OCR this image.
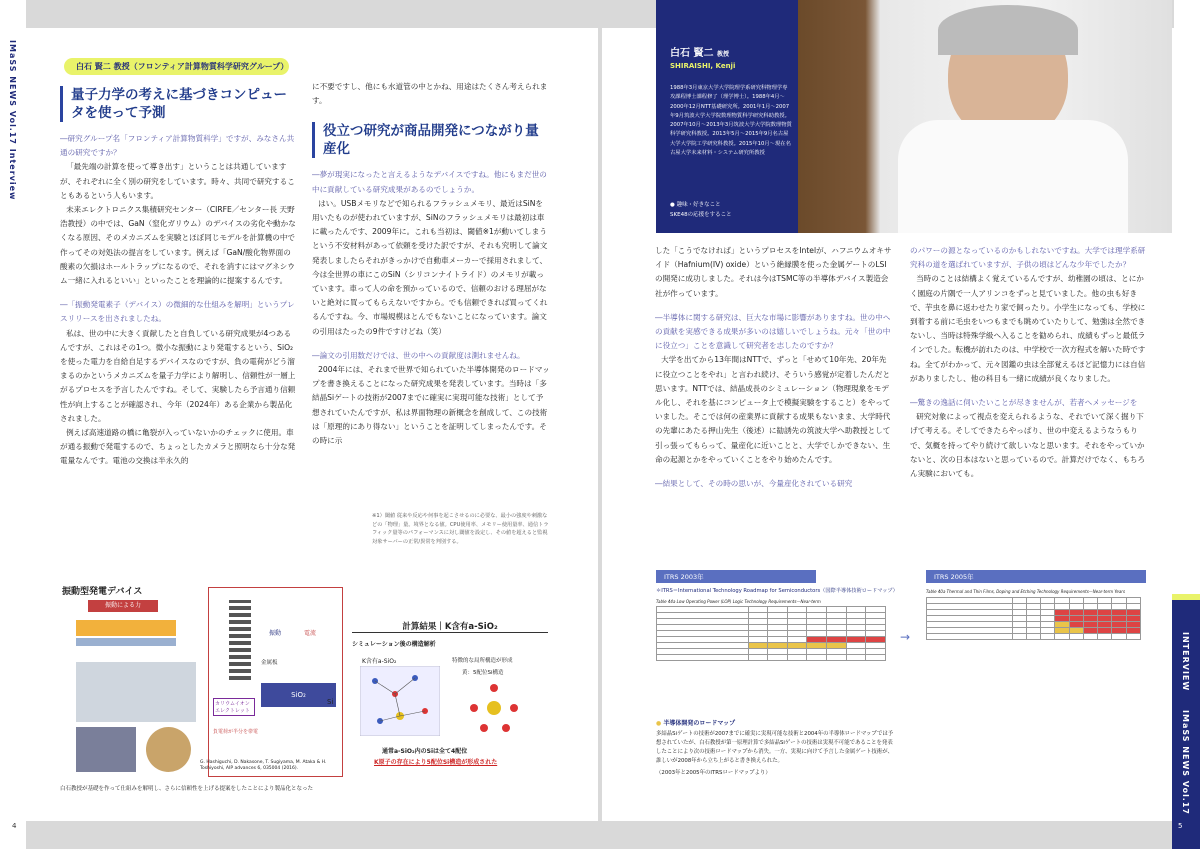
IMaSS NEWS Vol.17 Interview	白石 賢二 教授（フロンティア計算物質科学研究グループ）
量子力学の考えに基づきコンピュータを使って予測

―研究グループ名「フロンティア計算物質科学」ですが、みなさん共通の研究ですか？

「最先端の計算を使って導き出す」ということは共通していますが、それぞれに全く別の研究をしています。時々、共同で研究することもあるという人もいます。

未来エレクトロニクス集積研究センター（CIRFE／センター長 天野 浩教授）の中では、GaN（窒化ガリウム）のデバイスの劣化や動かなくなる原因、そのメカニズムを実験とほぼ同じモデルを計算機の中で作ってその対処法の提言をしています。例えば「GaN/酸化物界面の酸素の欠損はホールトラップになるので、それを消すにはマグネシウム一緒に入れるといい」といったことを理論的に提案するんです。

―「振動発電素子（デバイス）の微細的な仕組みを解明」というプレスリリースを出されましたね。

私は、世の中に大きく貢献したと自負している研究成果が4つあるんですが、これはその1つ。微小な振動により発電するという、SiO₂を使った電力を自給自足するデバイスなのですが、負の電荷がどう溜まるのかというメカニズムを量子力学により解明し、信頼性が一層上がるプロセスを予言したんですね。そして、実験したら予言通り信頼性が向上することが確認され、今年（2024年）ある企業から製品化されました。

例えば高速道路の橋に亀裂が入っていないかのチェックに使用。車が通る振動で発電するので、ちょっとしたカメラと照明なら十分な発電量なんです。電池の交換は半永久的

に不要ですし、他にも水道管の中とかね、用途はたくさん考えられます。

役立つ研究が商品開発につながり量産化

―夢が現実になったと言えるようなデバイスですね。他にもまだ世の中に貢献している研究成果があるのでしょうか。

はい。USBメモリなどで知られるフラッシュメモリ、最近はSiNを用いたものが使われていますが、SiNのフラッシュメモリは最初は車に載ったんです、2009年に。これも当初は、閾値※1が動いてしまうという不安材料があって依頼を受けた訳ですが、それも究明して論文発表しましたらそれがきっかけで自動車メーカーで採用されまして、今は全世界の車にこのSiN（シリコンナイトライド）のメモリが載っています。車って人の命を預かっているので、信頼のおける理屈がないと絶対に買ってもらえないですから。でも信頼できれば買ってくれるんですね。今、市場規模はとんでもないことになっています。論文の引用はたったの9件ですけどね（笑）

―論文の引用数だけでは、世の中への貢献度は測れませんね。

2004年には、それまで世界で知られていた半導体開発のロードマップを書き換えることになった研究成果を発表しています。当時は「多結晶Siゲートの技術が2007までに確実に実現可能な技術」として予想されていたんですが、私は界面物理の新概念を創成して、この技術は「原理的にあり得ない」ということを証明してしまったんです。その時に示

※1）閾値 従来や反応や何事を起こさせるのに必要な、最小の強度や刺激などの「物理」量。境界となる値。CPU使用率、メモリー使用量率、通信トラフィック量等のパフォーマンスに対し閾値を設定し、その値を超えると監視対象サーバーの正常/異常を判別する。
振動型発電デバイス
振動による力
振動	電流
金属板
SiO₂
Si
カリウムイオンエレクトレット
負電荷が半分を帯電
計算結果｜K含有a-SiO₂
シミュレーション後の構造解析
K含有a-SiO₂	特徴的な局所構造が形成
黄：5配位Si構造
通常a-SiO₂内のSiは全て4配位
K原子の存在により5配位Si構造が形成された
G. Hashiguchi, D. Nakasone, T. Sugiyama, M. Ataka & H. Toshiyoshi, AIP advances 6, 035004 (2016).
白石教授が基礎を作って仕組みを解明し、さらに信頼性を上げる提案をしたことにより製品化となった
4
白石 賢二 教授
SHIRAISHI, Kenji
1988年3月東京大学大学院理学系研究科物理学専攻課程博士課程修了（理学博士）。1988年4月〜2000年12月NTT基礎研究所。2001年1月〜2007年9月筑波大学大学院数理物質科学研究科助教授。2007年10月〜2013年3月筑波大学大学院数理物質科学研究科教授。2013年5月〜2015年9月名古屋大学大学院工学研究科教授。2015年10月〜現在名古屋大学未来材料・システム研究所教授
● 趣味・好きなこと
SKE48の応援をすること
INTERVIEW
IMaSS NEWS Vol.17
5

した「こうでなければ」というプロセスをIntelが、ハフニウムオキサイド（Hafnium(IV) oxide）という絶縁膜を使った金属ゲートのLSIの開発に成功しました。それは今はTSMC等の半導体デバイス製造会社が作っています。

―半導体に関する研究は、巨大な市場に影響がありますね。世の中への貢献を実感できる成果が多いのは嬉しいでしょうね。元々「世の中に役立つ」ことを意識して研究者を志したのですか？

大学を出てから13年間はNTTで、ずっと「せめて10年先、20年先に役立つことをやれ」と言われ続け、そういう感覚が定着したんだと思います。NTTでは、結晶成長のシミュレーション（物理現象をモデル化し、それを基にコンピュータ上で模擬実験をすること）をやっていました。そこでは何の産業界に貢献する成果もないまま、大学時代の先輩にあたる押山先生（後述）に勧誘先の筑波大学へ助教授として引っ張ってもらって、量産化に近いことと、大学でしかできない、生命の起源とかをやっていくことをやり始めたんです。

―結果として、その時の思いが、今量産化されている研究

のパワーの源となっているのかもしれないですね。大学では理学系研究科の道を選ばれていますが、子供の頃はどんな少年でしたか？

当時のことは結構よく覚えているんですが、幼稚園の頃は、とにかく園庭の片隅で一人アリンコをずっと見ていました。他の虫も好きで、芋虫を鼻に返わせたり家で飼ったり。小学生になっても、学校に到着する前に毛虫をいつもまでも眺めていたりして、勉強は全然できないし、当時は特殊学級へ入ることを勧められ、成績もずっと最低ラインでした。転機が訪れたのは、中学校で一次方程式を解いた時ですね。全てがわかって、元々図鑑の虫は全部覚えるほど記憶力には自信がありましたし、他の科目も一緒に成績が良くなりました。

―驚きの逸話に伺いたいことが尽きませんが、若者へメッセージを

研究対象によって視点を変えられるような、それでいて深く掘り下げて考える。そしてできたらやっぱり、世の中変えるようなうもりで、気概を持ってやり続けて欲しいなと思います。それをやっていかないと、次の日本はないと思っているので。計算だけでなく、もちろん実験においても。

ITRS 2003年
＊ITRS＝International Technology Roadmap for Semiconductors（国際半導体技術ロードマップ）
Table 44a Low Operating Power (LOP) Logic Technology Requirements—Near-term

→
ITRS 2005年
Table 40a Thermal and Thin Films, Doping and Etching Technology Requirements—Near-term Years

● 半導体開発のロードマップ
多結晶Siゲートの技術が2007までに確実に実現可能な技術と2004年の半導体ロードマップでは予想されていたが、白石教授が第一原理計算で多結晶Siゲートの技術は実現不可能であることを発表したことにより次の技術ロードマップから消失。一方、実現に向けて予言した金属ゲート技術が、誰しいが2008年から立ち上がると書き換えられた。
（2003年と2005年のITRSロードマップより）
